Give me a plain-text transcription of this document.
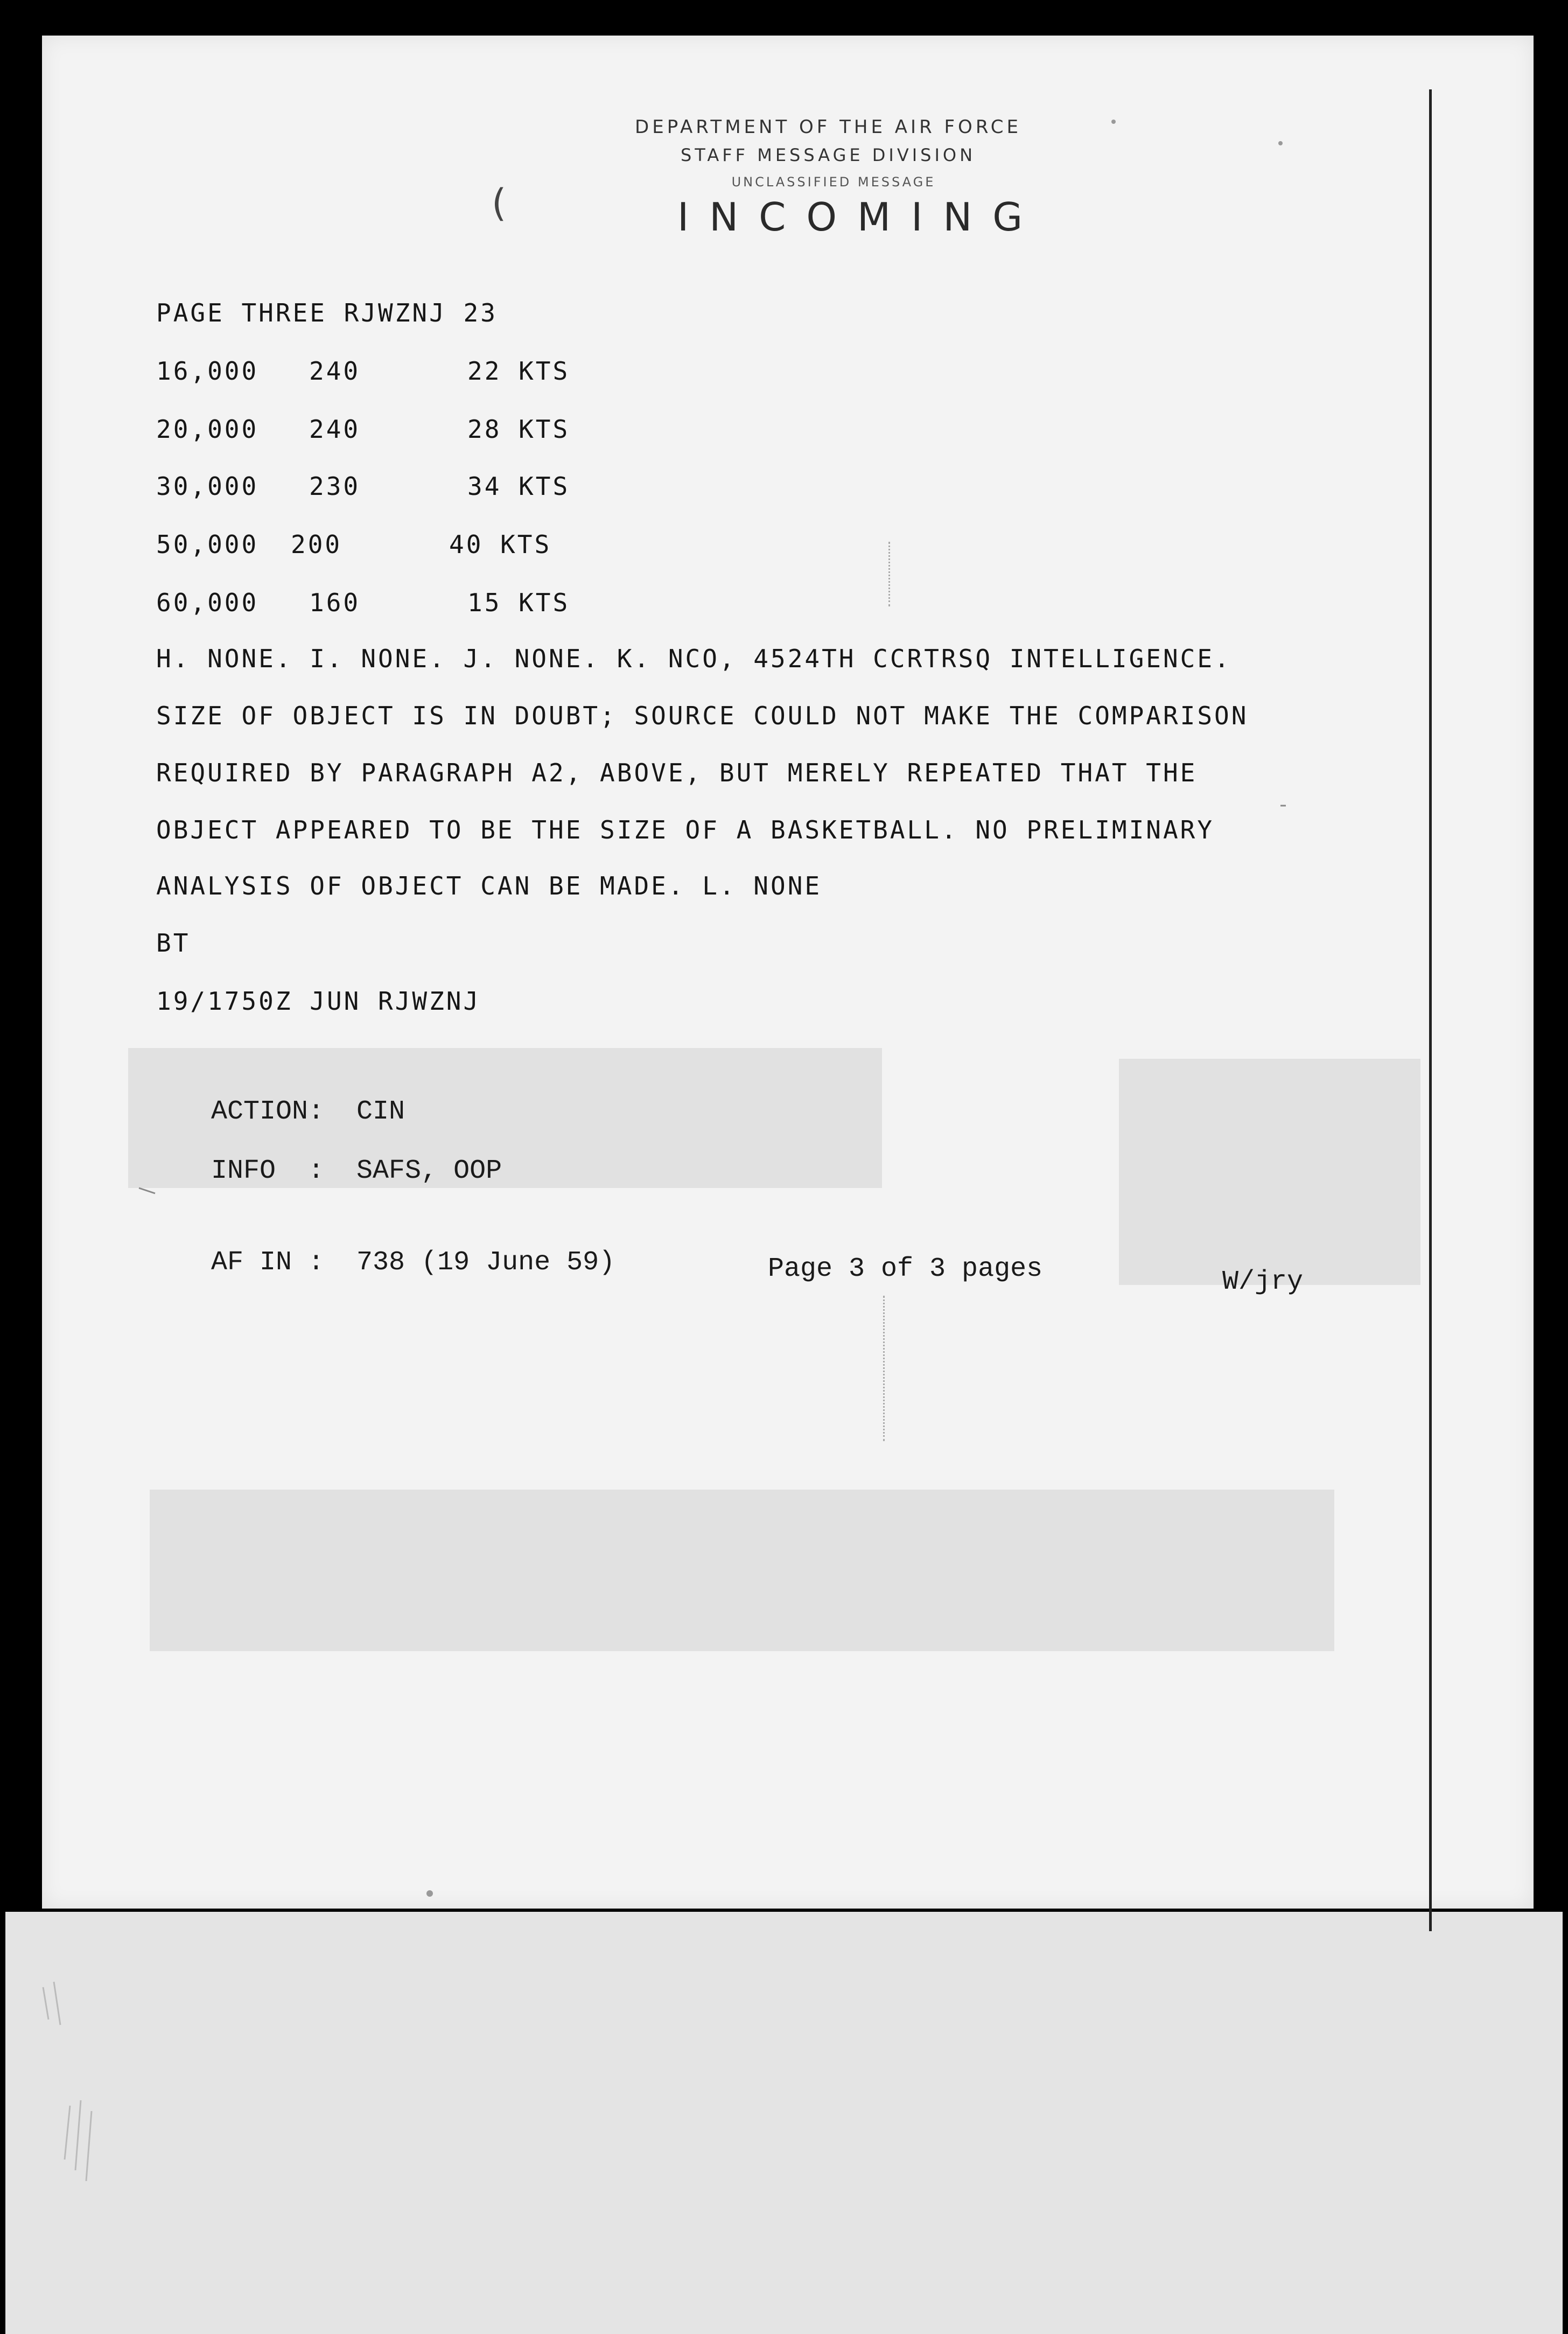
DEPARTMENT OF THE AIR FORCE
STAFF MESSAGE DIVISION
UNCLASSIFIED MESSAGE
INCOMING
(
PAGE THREE RJWZNJ 23
16,000 240	22 KTS
20,000 240	28 KTS
30,000 230	34 KTS
50,000 200	40 KTS
60,000 160	15 KTS
H. NONE. I. NONE. J. NONE. K. NCO, 4524TH CCRTRSQ INTELLIGENCE.
SIZE OF OBJECT IS IN DOUBT; SOURCE COULD NOT MAKE THE COMPARISON
REQUIRED BY PARAGRAPH A2, ABOVE, BUT MERELY REPEATED THAT THE
OBJECT APPEARED TO BE THE SIZE OF A BASKETBALL. NO PRELIMINARY
ANALYSIS OF OBJECT CAN BE MADE. L. NONE
BT
19/1750Z JUN RJWZNJ
ACTION:  CIN
INFO  :  SAFS, OOP
AF IN :  738 (19 June 59)	Page 3 of 3 pages	W/jry
